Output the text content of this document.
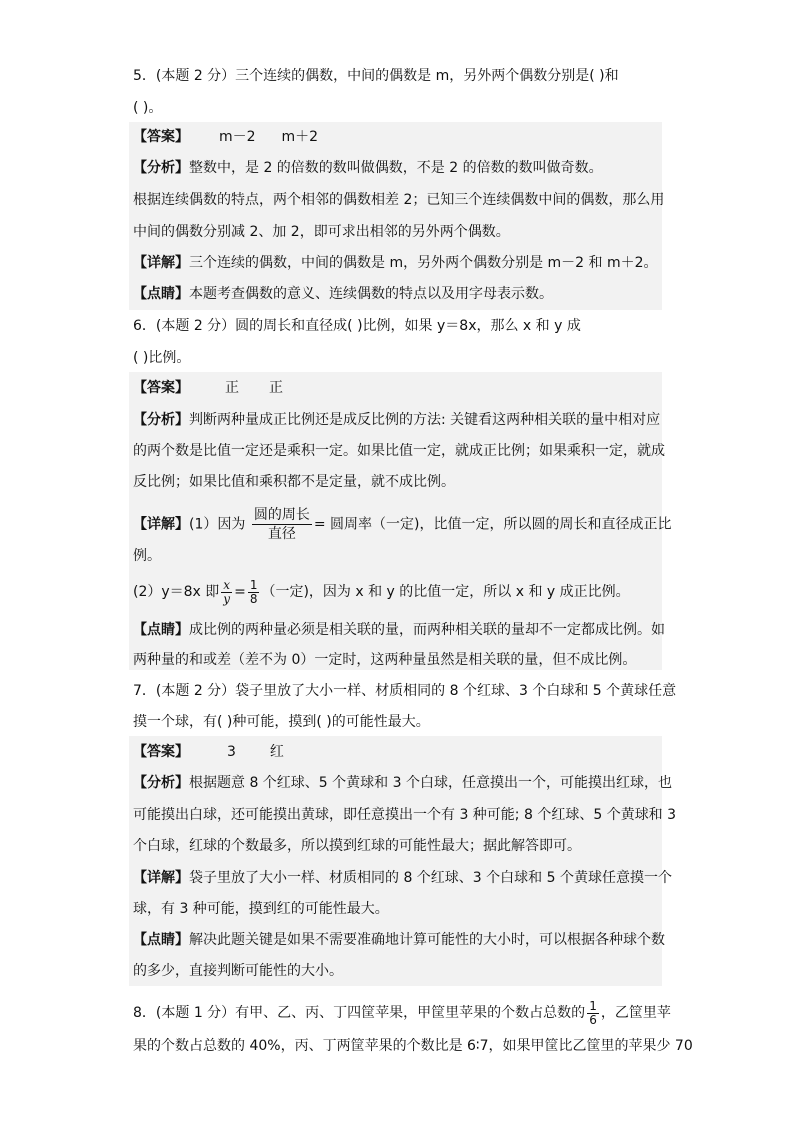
5．(本题 2 分）三个连续的偶数，中间的偶数是 m，另外两个偶数分别是( )和
( )。
【答案】 m－2 m＋2
【分析】整数中，是 2 的倍数的数叫做偶数，不是 2 的倍数的数叫做奇数。
根据连续偶数的特点，两个相邻的偶数相差 2；已知三个连续偶数中间的偶数，那么用
中间的偶数分别减 2、加 2，即可求出相邻的另外两个偶数。
【详解】三个连续的偶数，中间的偶数是 m，另外两个偶数分别是 m－2 和 m＋2。
【点睛】本题考查偶数的意义、连续偶数的特点以及用字母表示数。
6．(本题 2 分）圆的周长和直径成( )比例，如果 y＝8x，那么 x 和 y 成
( )比例。
【答案】	正 正
【分析】判断两种量成正比例还是成反比例的方法: 关键看这两种相关联的量中相对应
的两个数是比值一定还是乘积一定。如果比值一定，就成正比例；如果乘积一定，就成
反比例；如果比值和乘积都不是定量，就不成比例。
【详解】(1）因为 $\frac{\text{圆的周长}}{\text{直径}}$ = 圆周率（一定)，比值一定，所以圆的周长和直径成正比
例。
(2）y＝8x 即 $\frac{x}{y} = \frac{1}{8}$ （一定)，因为 x 和 y 的比值一定，所以 x 和 y 成正比例。
【点睛】成比例的两种量必须是相关联的量，而两种相关联的量却不一定都成比例。如
两种量的和或差（差不为 0）一定时，这两种量虽然是相关联的量，但不成比例。
7．(本题 2 分）袋子里放了大小一样、材质相同的 8 个红球、3 个白球和 5 个黄球任意
摸一个球，有( )种可能，摸到( )的可能性最大。
【答案】	3 红
【分析】根据题意 8 个红球、5 个黄球和 3 个白球，任意摸出一个，可能摸出红球，也
可能摸出白球，还可能摸出黄球，即任意摸出一个有 3 种可能; 8 个红球、5 个黄球和 3
个白球，红球的个数最多，所以摸到红球的可能性最大；据此解答即可。
【详解】袋子里放了大小一样、材质相同的 8 个红球、3 个白球和 5 个黄球任意摸一个
球，有 3 种可能，摸到红的可能性最大。
【点睛】解决此题关键是如果不需要准确地计算可能性的大小时，可以根据各种球个数
的多少，直接判断可能性的大小。
8．(本题 1 分）有甲、乙、丙、丁四筐苹果，甲筐里苹果的个数占总数的 $\frac{1}{6}$ ，乙筐里苹
果的个数占总数的 40%，丙、丁两筐苹果的个数比是 6∶7，如果甲筐比乙筐里的苹果少 70
